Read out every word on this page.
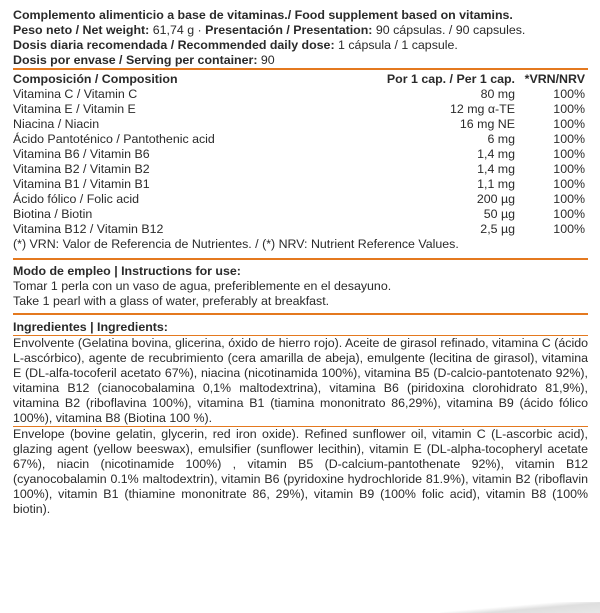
Complemento alimenticio a base de vitaminas./ Food supplement based on vitamins.
Peso neto / Net weight: 61,74 g · Presentación / Presentation: 90 cápsulas. / 90 capsules.
Dosis diaria recomendada / Recommended daily dose: 1 cápsula / 1 capsule.
Dosis por envase / Serving per container: 90
Composición / Composition	Por 1 cap. / Per 1 cap. *VRN/NRV
Vitamina C / Vitamin C	80 mg	100%
Vitamina E / Vitamin E	12 mg α-TE	100%
Niacina / Niacin	16 mg NE	100%
Ácido Pantoténico / Pantothenic acid	6 mg	100%
Vitamina B6 / Vitamin B6	1,4 mg	100%
Vitamina B2 / Vitamin B2	1,4 mg	100%
Vitamina B1 / Vitamin B1	1,1 mg	100%
Ácido fólico / Folic acid	200 µg	100%
Biotina / Biotin	50 µg	100%
Vitamina B12 / Vitamin B12	2,5 µg	100%
(*) VRN: Valor de Referencia de Nutrientes. / (*) NRV: Nutrient Reference Values.
Modo de empleo | Instructions for use:
Tomar 1 perla con un vaso de agua, preferiblemente en el desayuno.
Take 1 pearl with a glass of water, preferably at breakfast.
Ingredientes | Ingredients:
Envolvente (Gelatina bovina, glicerina, óxido de hierro rojo). Aceite de girasol refinado, vitamina C (ácido L-ascórbico), agente de recubrimiento (cera amarilla de abeja), emulgente (lecitina de girasol), vitamina E (DL-alfa-tocoferil acetato 67%), niacina (nicotinamida 100%), vitamina B5 (D-calcio-pantotenato 92%), vitamina B12 (cianocobalamina 0,1% maltodextrina), vitamina B6 (piridoxina clorohidrato 81,9%), vitamina B2 (riboflavina 100%), vitamina B1 (tiamina mononitrato 86,29%), vitamina B9 (ácido fólico 100%), vitamina B8 (Biotina 100 %).
Envelope (bovine gelatin, glycerin, red iron oxide). Refined sunflower oil, vitamin C (L-ascorbic acid), glazing agent (yellow beeswax), emulsifier (sunflower lecithin), vitamin E (DL-alpha-tocopheryl acetate 67%), niacin (nicotinamide 100%) , vitamin B5 (D-calcium-pantothenate 92%), vitamin B12 (cyanocobalamin 0.1% maltodextrin), vitamin B6 (pyridoxine hydrochloride 81.9%), vitamin B2 (riboflavin 100%), vitamin B1 (thiamine mononitrate 86, 29%), vitamin B9 (100% folic acid), vitamin B8 (100% biotin).
